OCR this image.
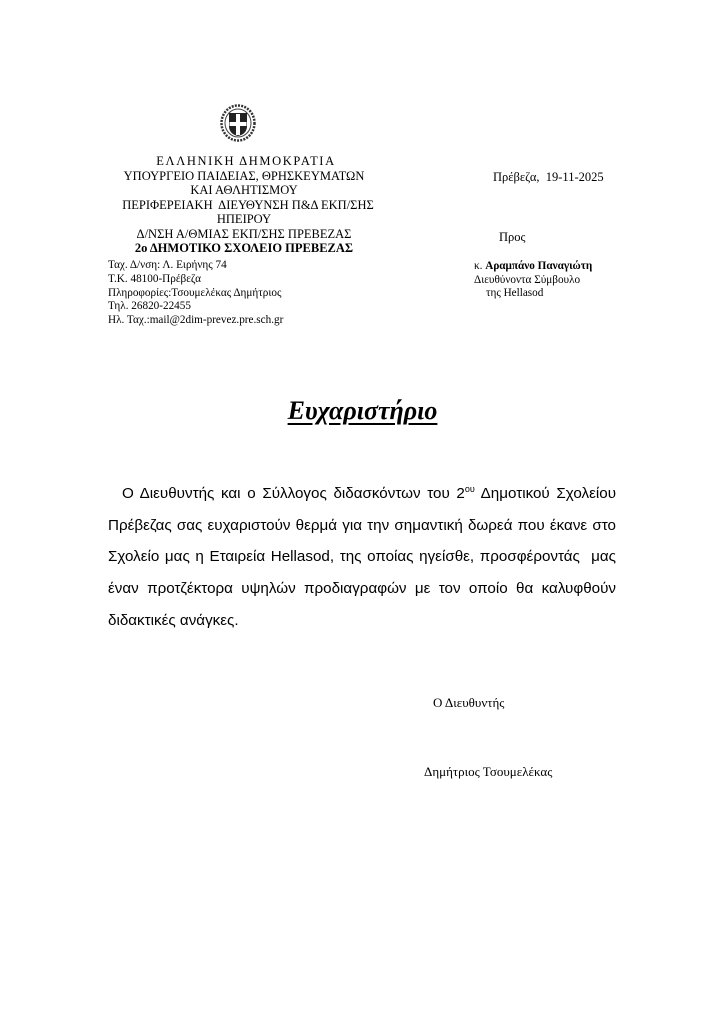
ΕΛΛΗΝΙΚΗ ΔΗΜΟΚΡΑΤΙΑ
ΥΠΟΥΡΓΕΙΟ ΠΑΙΔΕΙΑΣ, ΘΡΗΣΚΕΥΜΑΤΩΝ
ΚΑΙ ΑΘΛΗΤΙΣΜΟΥ
ΠΕΡΙΦΕΡΕΙΑΚΗ  ΔΙΕΥΘΥΝΣΗ Π&Δ ΕΚΠ/ΣΗΣ
ΗΠΕΙΡΟΥ
Δ/ΝΣΗ Α/ΘΜΙΑΣ ΕΚΠ/ΣΗΣ ΠΡΕΒΕΖΑΣ
2ο ΔΗΜΟΤΙΚΟ ΣΧΟΛΕΙΟ ΠΡΕΒΕΖΑΣ
Ταχ. Δ/νση: Λ. Ειρήνης 74
Τ.Κ. 48100-Πρέβεζα
Πληροφορίες:Τσουμελέκας Δημήτριος
Τηλ. 26820-22455
Ηλ. Ταχ.:mail@2dim-prevez.pre.sch.gr
Πρέβεζα,  19-11-2025
Προς
κ. Αραμπάνο Παναγιώτη
Διευθύνοντα Σύμβουλο
της Hellasod
Ευχαριστήριο
Ο Διευθυντής και ο Σύλλογος διδασκόντων του $2^{o\upsilon}$ Δημοτικού Σχολείου Πρέβεζας σας ευχαριστούν θερμά για την σημαντική δωρεά που έκανε στο Σχολείο μας η Εταιρεία Hellasod, της οποίας ηγείσθε, προσφέροντάς  μας έναν προτζέκτορα υψηλών προδιαγραφών με τον οποίο θα καλυφθούν  διδακτικές ανάγκες.
Ο Διευθυντής
Δημήτριος Τσουμελέκας
